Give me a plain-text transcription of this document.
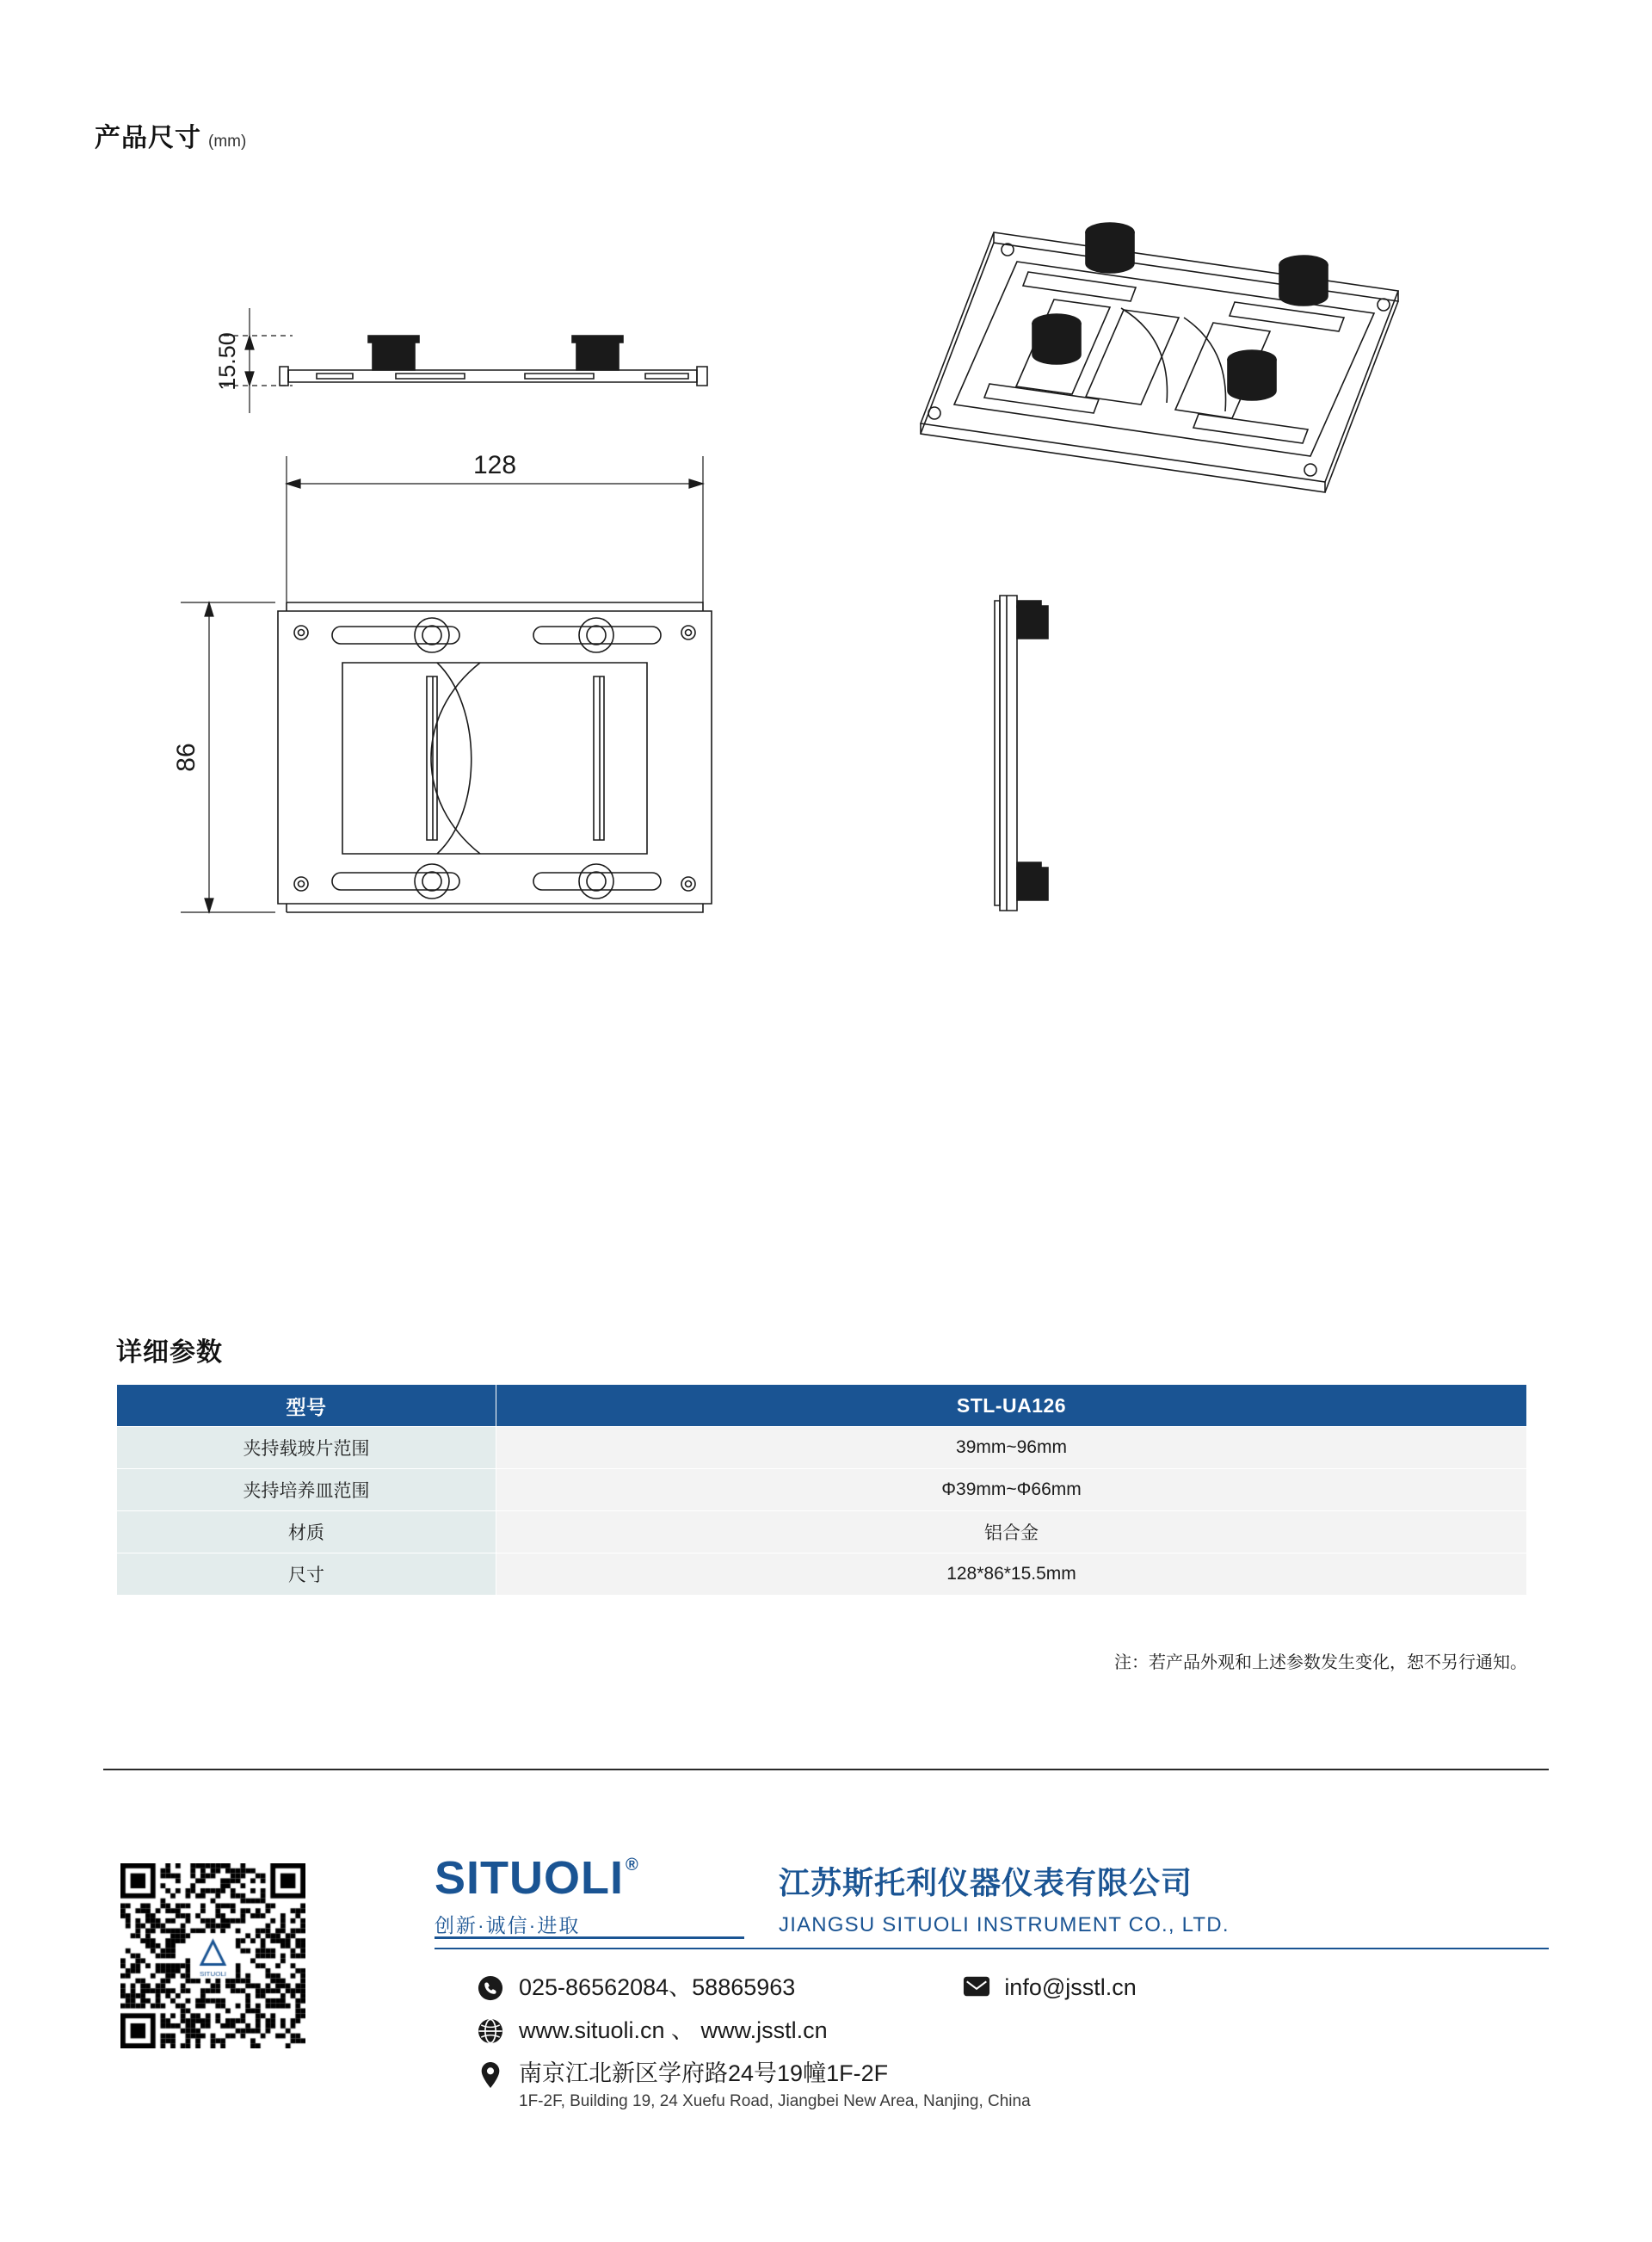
产品尺寸 (mm)
15.50
128
86
详细参数
型号	STL-UA126
夹持载玻片范围	39mm~96mm
夹持培养皿范围	Φ39mm~Φ66mm
材质	铝合金
尺寸	128*86*15.5mm
注：若产品外观和上述参数发生变化，恕不另行通知。
SITUOLI ®
创新·诚信·进取
江苏斯托利仪器仪表有限公司
JIANGSU SITUOLI INSTRUMENT CO., LTD.
025-86562084、58865963	info@jsstl.cn
www.situoli.cn 、 www.jsstl.cn
南京江北新区学府路24号19幢1F-2F
1F-2F, Building 19, 24 Xuefu Road, Jiangbei New Area, Nanjing, China
